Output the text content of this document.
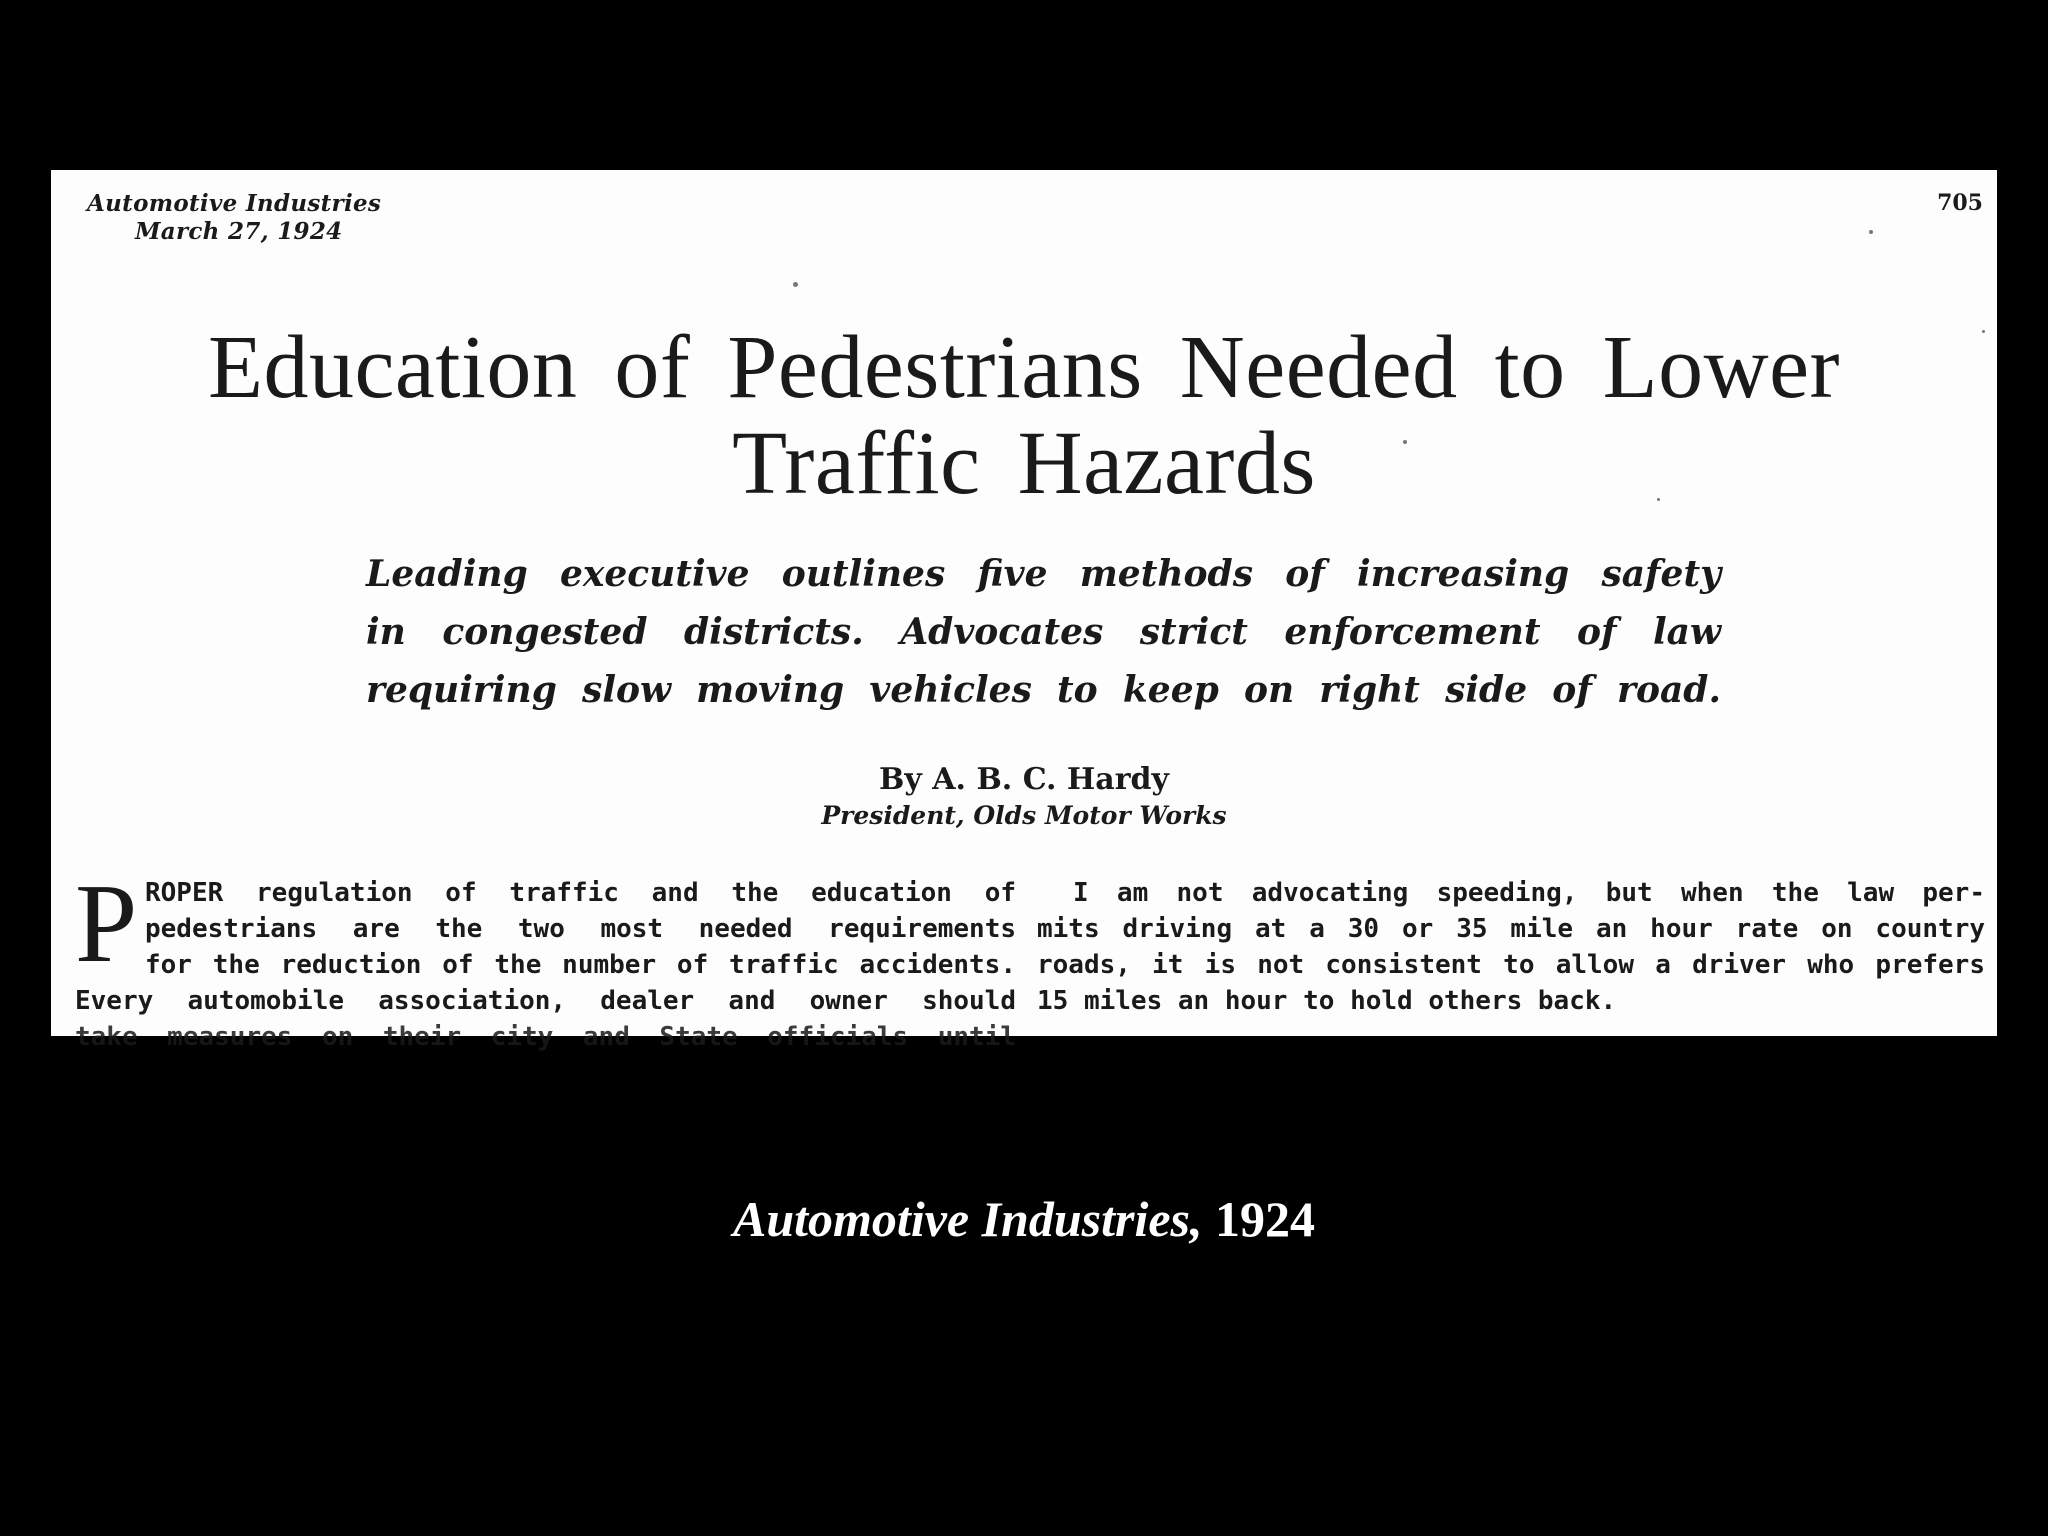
Automotive Industries
March 27, 1924
705
Education of Pedestrians Needed to Lower
Traffic Hazards
Leading executive outlines five methods of increasing safety
in congested districts. Advocates strict enforcement of law
requiring slow moving vehicles to keep on right side of road.
By A. B. C. Hardy
President, Olds Motor Works
P ROPER regulation of traffic and the education of
pedestrians are the two most needed requirements
for the reduction of the number of traffic accidents.
Every automobile association, dealer and owner should
take measures on their city and State officials until
I am not advocating speeding, but when the law per-
mits driving at a 30 or 35 mile an hour rate on country
roads, it is not consistent to allow a driver who prefers
15 miles an hour to hold others back.
Automotive Industries, 1924
